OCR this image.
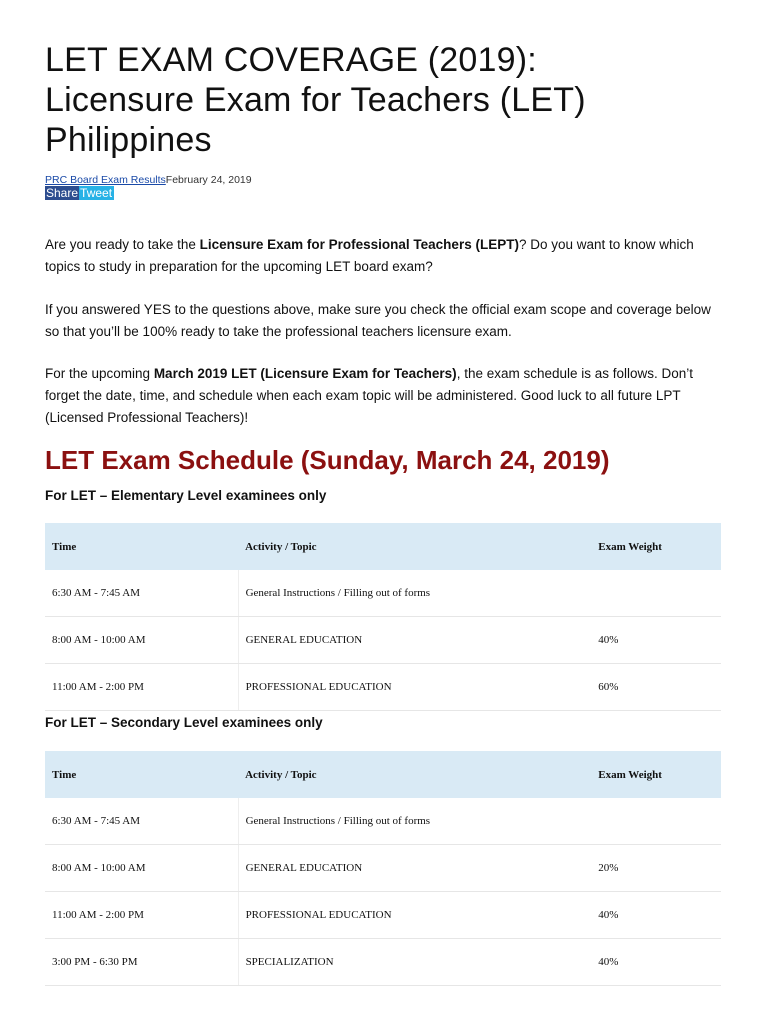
LET EXAM COVERAGE (2019):
Licensure Exam for Teachers (LET)
Philippines
PRC Board Exam ResultsFebruary 24, 2019
Share Tweet

Are you ready to take the Licensure Exam for Professional Teachers (LEPT)? Do you want to know which topics to study in preparation for the upcoming LET board exam?

If you answered YES to the questions above, make sure you check the official exam scope and coverage below so that you’ll be 100% ready to take the professional teachers licensure exam.

For the upcoming March 2019 LET (Licensure Exam for Teachers), the exam schedule is as follows. Don’t forget the date, time, and schedule when each exam topic will be administered. Good luck to all future LPT (Licensed Professional Teachers)!

LET Exam Schedule (Sunday, March 24, 2019)
For LET – Elementary Level examinees only
Time	Activity / Topic	Exam Weight
6:30 AM - 7:45 AM	General Instructions / Filling out of forms	
8:00 AM - 10:00 AM	GENERAL EDUCATION	40%
11:00 AM - 2:00 PM	PROFESSIONAL EDUCATION	60%
For LET – Secondary Level examinees only
Time	Activity / Topic	Exam Weight
6:30 AM - 7:45 AM	General Instructions / Filling out of forms	
8:00 AM - 10:00 AM	GENERAL EDUCATION	20%
11:00 AM - 2:00 PM	PROFESSIONAL EDUCATION	40%
3:00 PM - 6:30 PM	SPECIALIZATION	40%
